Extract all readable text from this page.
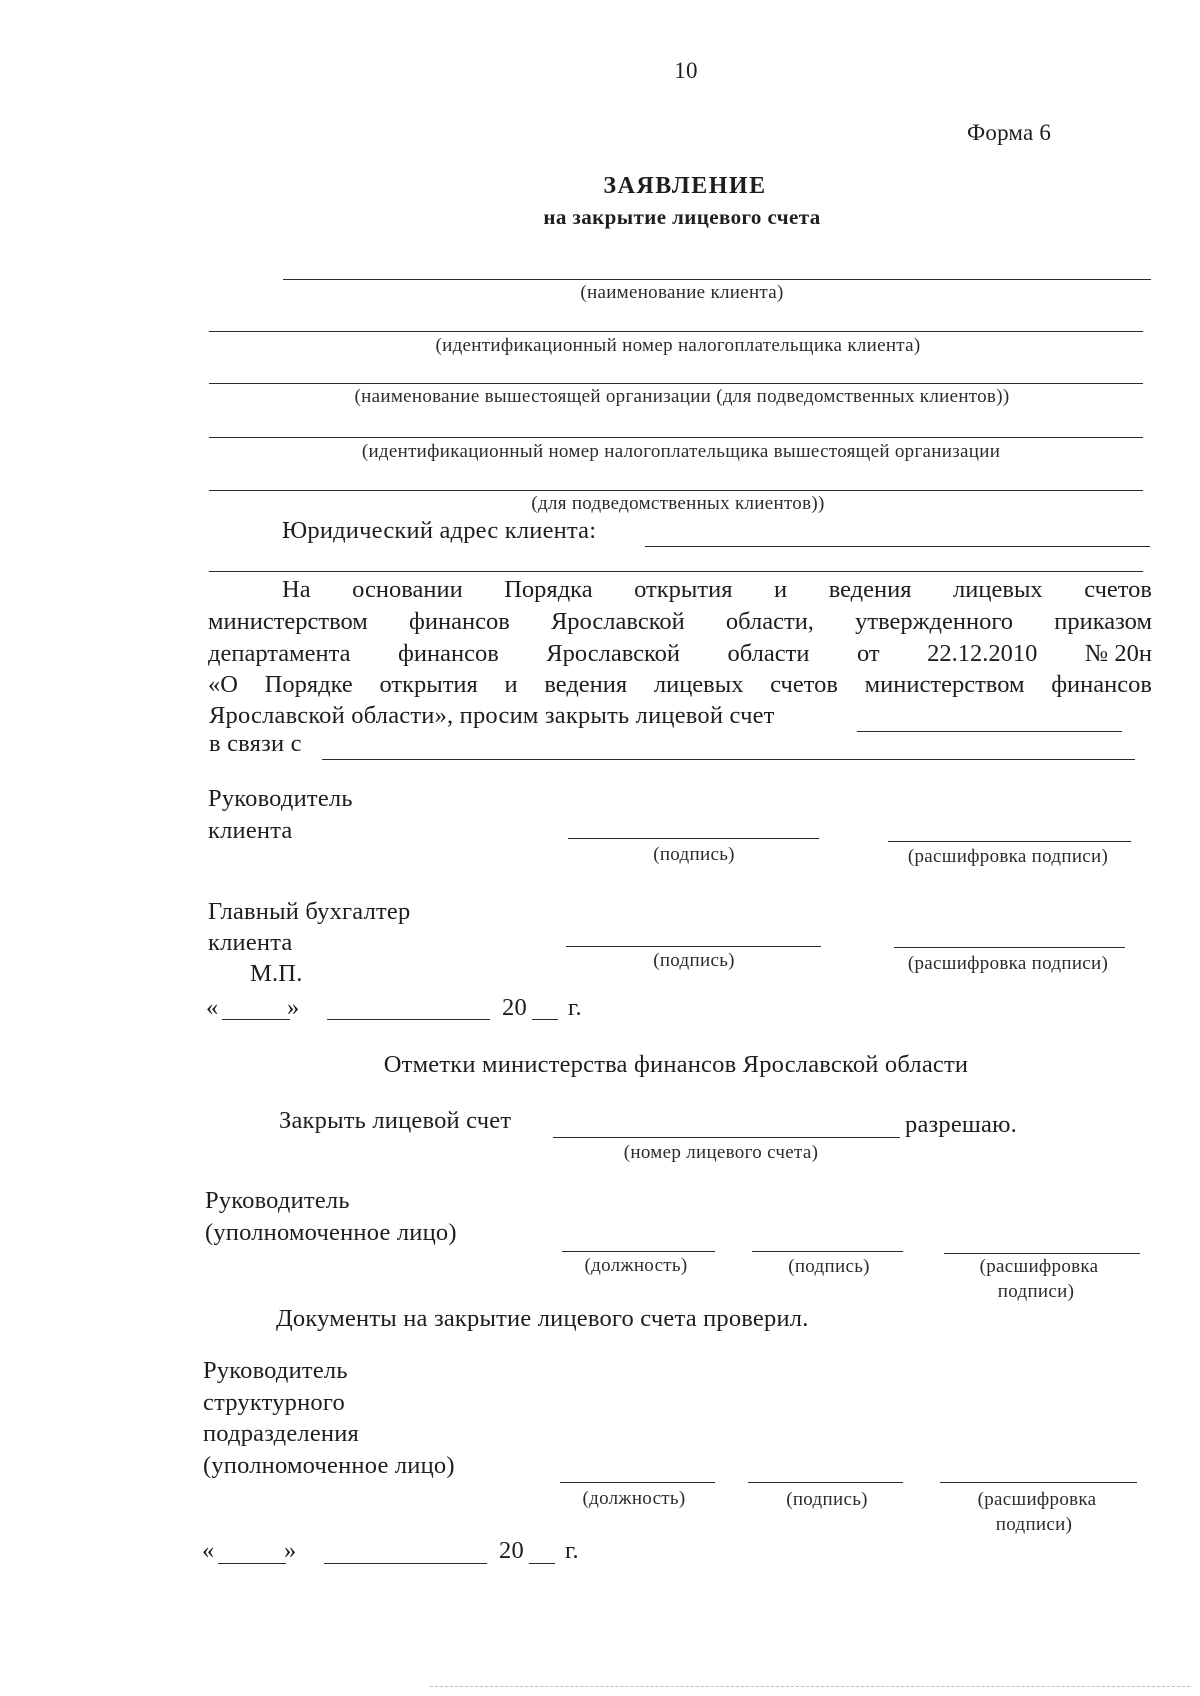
10
Форма 6
ЗАЯВЛЕНИЕ
на закрытие лицевого счета
(наименование клиента)
(идентификационный номер налогоплательщика клиента)
(наименование вышестоящей организации (для подведомственных клиентов))
(идентификационный номер налогоплательщика вышестоящей организации
(для подведомственных клиентов))
Юридический адрес клиента:
На основании Порядка открытия и ведения лицевых счетов
министерством финансов Ярославской области, утвержденного приказом
департамента финансов Ярославской области от 22.12.2010 № 20н
«О Порядке открытия и ведения лицевых счетов министерством финансов
Ярославской области», просим закрыть лицевой счет
в связи с
Руководитель
клиента
(подпись)	(расшифровка подписи)
Главный бухгалтер
клиента
(подпись)	(расшифровка подписи)
М.П.
«	»	20 г.
Отметки министерства финансов Ярославской области
Закрыть лицевой счет	разрешаю.
(номер лицевого счета)
Руководитель
(уполномоченное лицо)
(должность)	(подпись)	(расшифровка
подписи)
Документы на закрытие лицевого счета проверил.
Руководитель
структурного
подразделения
(уполномоченное лицо)
(должность)	(подпись)	(расшифровка
подписи)
«	»	20 г.
